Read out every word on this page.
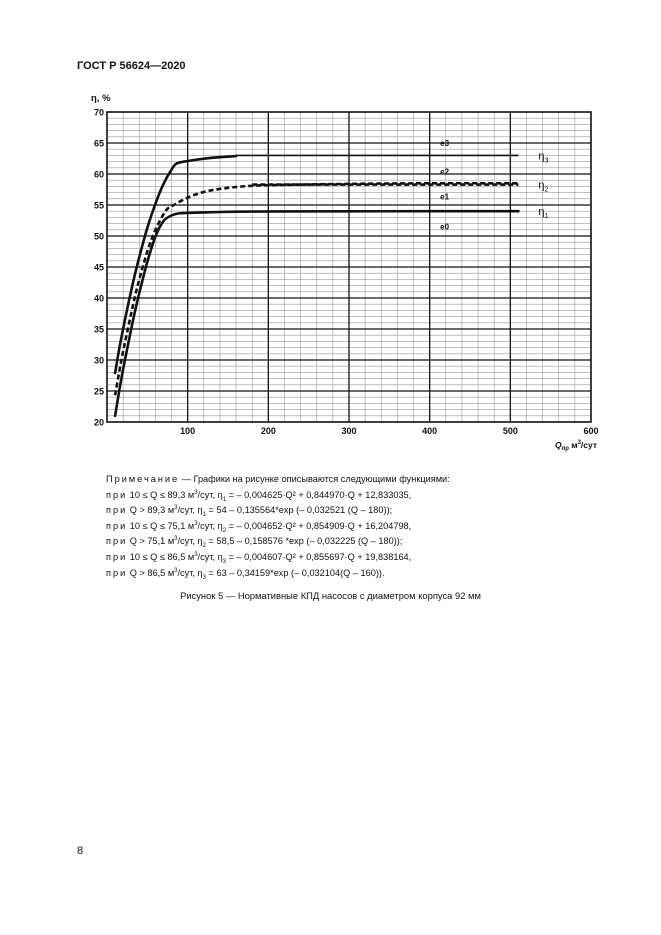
ГОСТ Р 56624—2020
100	200	300	400	500	600
20
25
30
35
40
45
50
55
60
65
70
η, %
$Q_{пр}$ $м^3$/сут
$\eta_3$
$\eta_2$
$\eta_1$
e3
e2
e1
e0
Примечание — Графики на рисунке описываются следующими функциями:
при 10 ≤ Q ≤ 89,3 $м^3$/сут, $\eta_1$ = – 0,004625·Q² + 0,844970·Q + 12,833035,
при Q > 89,3 $м^3$/сут, $\eta_1 = 54 - 0,135564*\exp$ (– 0,032521 (Q – 180));
при 10 ≤ Q ≤ 75,1 $м^3$/сут, $\eta_2$ = – 0,004652·Q² + 0,854909·Q + 16,204798,
при Q > 75,1 $м^3$/сут, $\eta_2 = 58,5 - 0,158576$ *exp (– 0,032225 (Q – 180));
при 10 ≤ Q ≤ 86,5 $м^3$/сут, $\eta_3$ = – 0,004607·Q² + 0,855697·Q + 19,838164,
при Q > 86,5 $м^3$/сут, $\eta_3 = 63 - 0,34159*\exp$ (– 0,032104(Q – 160)).
Рисунок 5 — Нормативные КПД насосов с диаметром корпуса 92 мм
8
